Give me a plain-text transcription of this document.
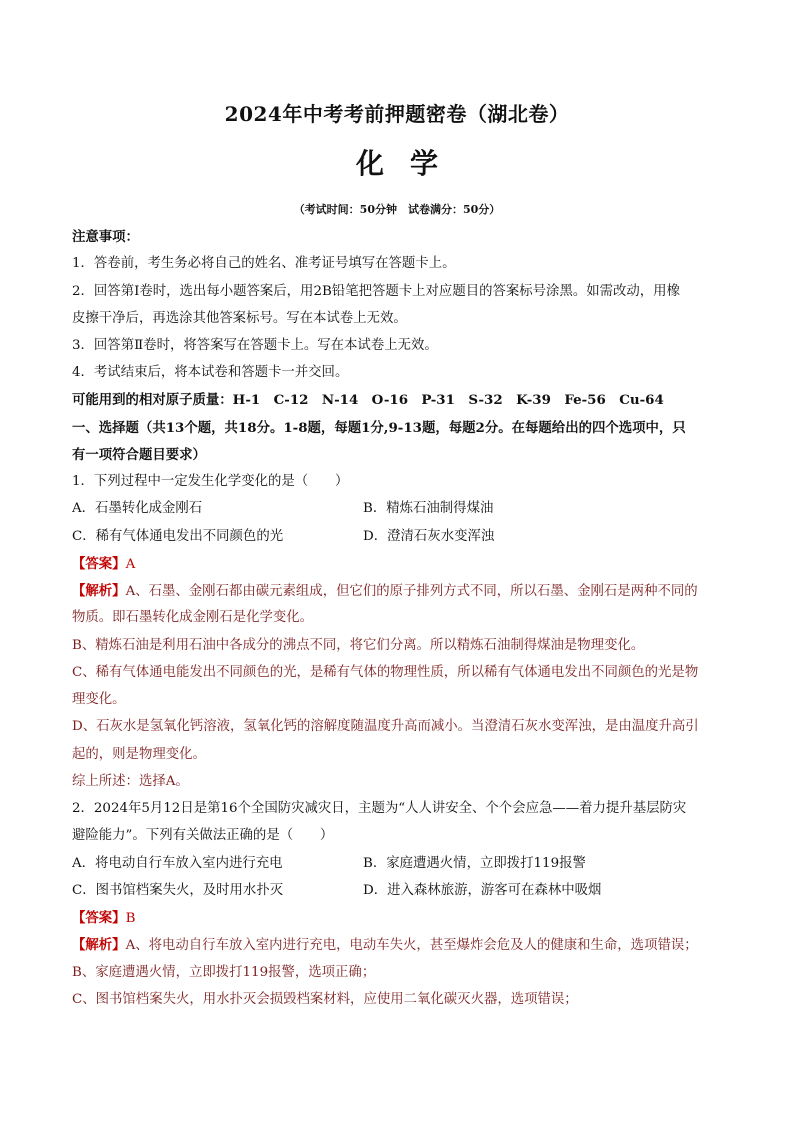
2024年中考考前押题密卷（湖北卷）
化学
（考试时间：50分钟　试卷满分：50分）
注意事项：
1．答卷前，考生务必将自己的姓名、准考证号填写在答题卡上。
2．回答第Ⅰ卷时，选出每小题答案后，用2B铅笔把答题卡上对应题目的答案标号涂黑。如需改动，用橡
皮擦干净后，再选涂其他答案标号。写在本试卷上无效。
3．回答第Ⅱ卷时，将答案写在答题卡上。写在本试卷上无效。
4．考试结束后，将本试卷和答题卡一并交回。
可能用到的相对原子质量：H-1　C-12　N-14　O-16　P-31　S-32　K-39　Fe-56　Cu-64
一、选择题（共13个题，共18分。1-8题，每题1分,9-13题，每题2分。在每题给出的四个选项中，只
有一项符合题目要求）
1．下列过程中一定发生化学变化的是（　　）
A．石墨转化成金刚石	B．精炼石油制得煤油
C．稀有气体通电发出不同颜色的光	D．澄清石灰水变浑浊
【答案】A
【解析】A、石墨、金刚石都由碳元素组成，但它们的原子排列方式不同，所以石墨、金刚石是两种不同的
物质。即石墨转化成金刚石是化学变化。
B、精炼石油是利用石油中各成分的沸点不同，将它们分离。所以精炼石油制得煤油是物理变化。
C、稀有气体通电能发出不同颜色的光，是稀有气体的物理性质，所以稀有气体通电发出不同颜色的光是物
理变化。
D、石灰水是氢氧化钙溶液，氢氧化钙的溶解度随温度升高而减小。当澄清石灰水变浑浊，是由温度升高引
起的，则是物理变化。
综上所述：选择A。
2．2024年5月12日是第16个全国防灾减灾日，主题为“人人讲安全、个个会应急——着力提升基层防灾
避险能力”。下列有关做法正确的是（　　）
A．将电动自行车放入室内进行充电	B．家庭遭遇火情，立即拨打119报警
C．图书馆档案失火，及时用水扑灭	D．进入森林旅游，游客可在森林中吸烟
【答案】B
【解析】A、将电动自行车放入室内进行充电，电动车失火，甚至爆炸会危及人的健康和生命，选项错误；
B、家庭遭遇火情，立即拨打119报警，选项正确；
C、图书馆档案失火，用水扑灭会损毁档案材料，应使用二氧化碳灭火器，选项错误；
